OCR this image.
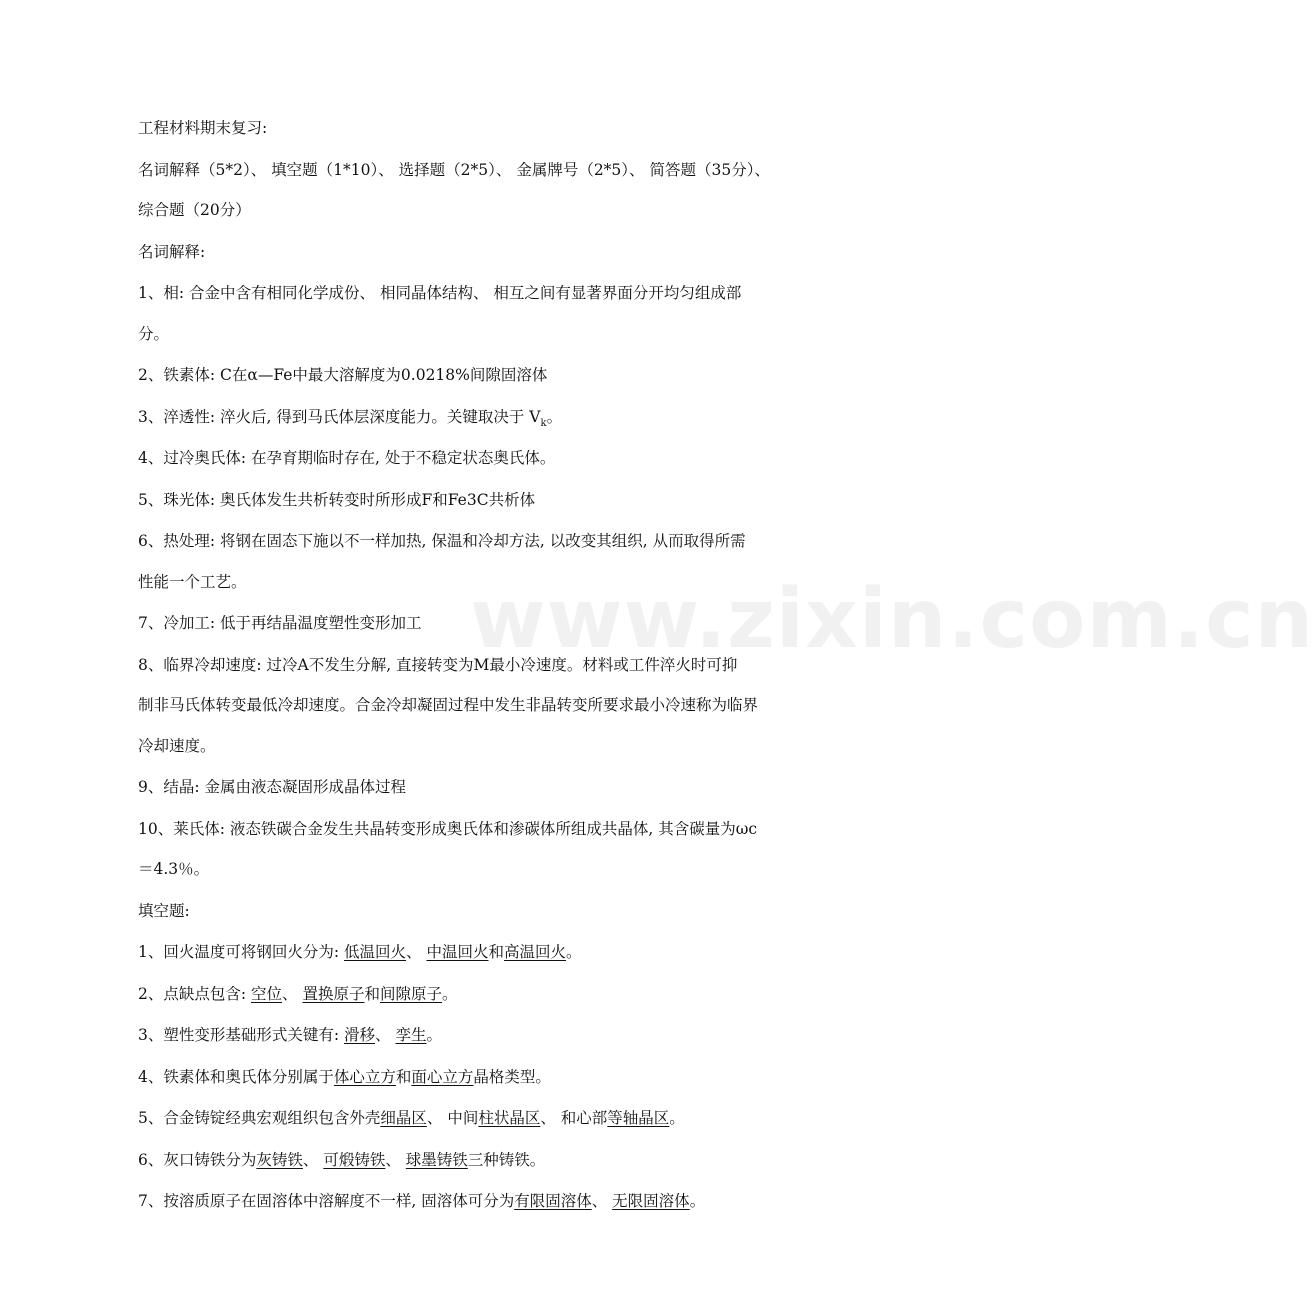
www.zixin.com.cn
工程材料期末复习:
名词解释（5*2）、 填空题（1*10）、 选择题（2*5）、 金属牌号（2*5）、 简答题（35分）、
综合题（20分）
名词解释:
1、相: 合金中含有相同化学成份、 相同晶体结构、 相互之间有显著界面分开均匀组成部
分。
2、铁素体: C在α—Fe中最大溶解度为0.0218%间隙固溶体
3、淬透性: 淬火后, 得到马氏体层深度能力。关键取决于 $V_k$。
4、过冷奥氏体: 在孕育期临时存在, 处于不稳定状态奥氏体。
5、珠光体: 奥氏体发生共析转变时所形成F和Fe3C共析体
6、热处理: 将钢在固态下施以不一样加热, 保温和冷却方法, 以改变其组织, 从而取得所需
性能一个工艺。
7、冷加工: 低于再结晶温度塑性变形加工
8、临界冷却速度: 过冷A不发生分解, 直接转变为M最小冷速度。材料或工件淬火时可抑
制非马氏体转变最低冷却速度。合金冷却凝固过程中发生非晶转变所要求最小冷速称为临界
冷却速度。
9、结晶: 金属由液态凝固形成晶体过程
10、莱氏体: 液态铁碳合金发生共晶转变形成奥氏体和渗碳体所组成共晶体, 其含碳量为ωc
＝4.3％。
填空题:
1、回火温度可将钢回火分为: 低温回火、 中温回火和高温回火。
2、点缺点包含: 空位、 置换原子和间隙原子。
3、塑性变形基础形式关键有: 滑移、 孪生。
4、铁素体和奥氏体分别属于体心立方和面心立方晶格类型。
5、合金铸锭经典宏观组织包含外壳细晶区、 中间柱状晶区、 和心部等轴晶区。
6、灰口铸铁分为灰铸铁、 可煅铸铁、 球墨铸铁三种铸铁。
7、按溶质原子在固溶体中溶解度不一样, 固溶体可分为有限固溶体、 无限固溶体。
